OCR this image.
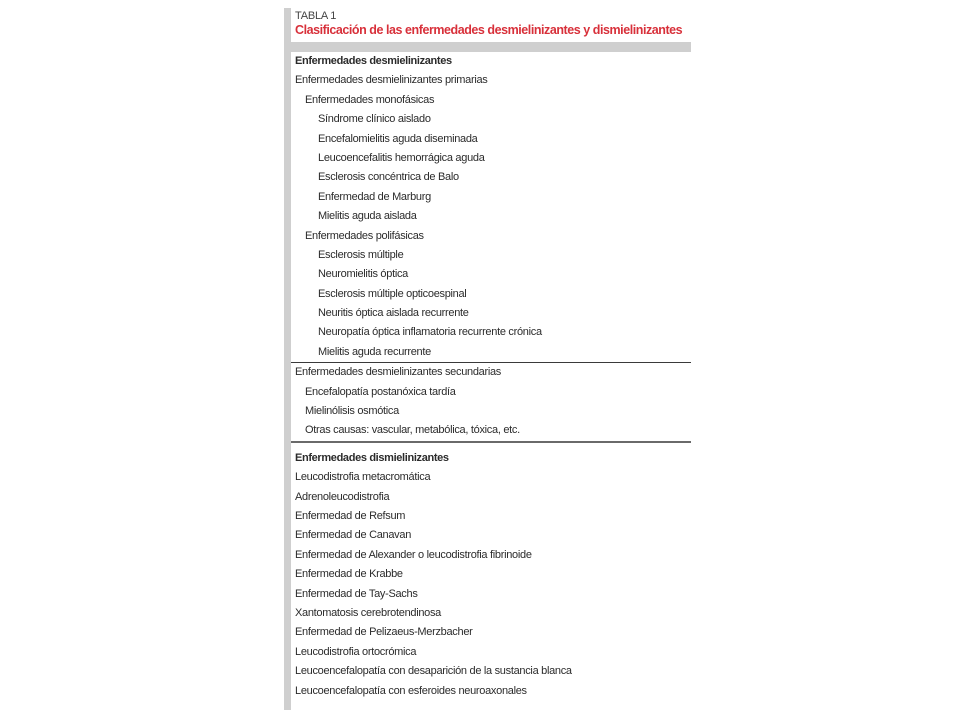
TABLA 1
Clasificación de las enfermedades desmielinizantes y dismielinizantes
Enfermedades desmielinizantes
Enfermedades desmielinizantes primarias
Enfermedades monofásicas
Síndrome clínico aislado
Encefalomielitis aguda diseminada
Leucoencefalitis hemorrágica aguda
Esclerosis concéntrica de Balo
Enfermedad de Marburg
Mielitis aguda aislada
Enfermedades polifásicas
Esclerosis múltiple
Neuromielitis óptica
Esclerosis múltiple opticoespinal
Neuritis óptica aislada recurrente
Neuropatía óptica inflamatoria recurrente crónica
Mielitis aguda recurrente
Enfermedades desmielinizantes secundarias
Encefalopatía postanóxica tardía
Mielinólisis osmótica
Otras causas: vascular, metabólica, tóxica, etc.
Enfermedades dismielinizantes
Leucodistrofia metacromática
Adrenoleucodistrofia
Enfermedad de Refsum
Enfermedad de Canavan
Enfermedad de Alexander o leucodistrofia fibrinoide
Enfermedad de Krabbe
Enfermedad de Tay-Sachs
Xantomatosis cerebrotendinosa
Enfermedad de Pelizaeus-Merzbacher
Leucodistrofia ortocrómica
Leucoencefalopatía con desaparición de la sustancia blanca
Leucoencefalopatía con esferoides neuroaxonales
